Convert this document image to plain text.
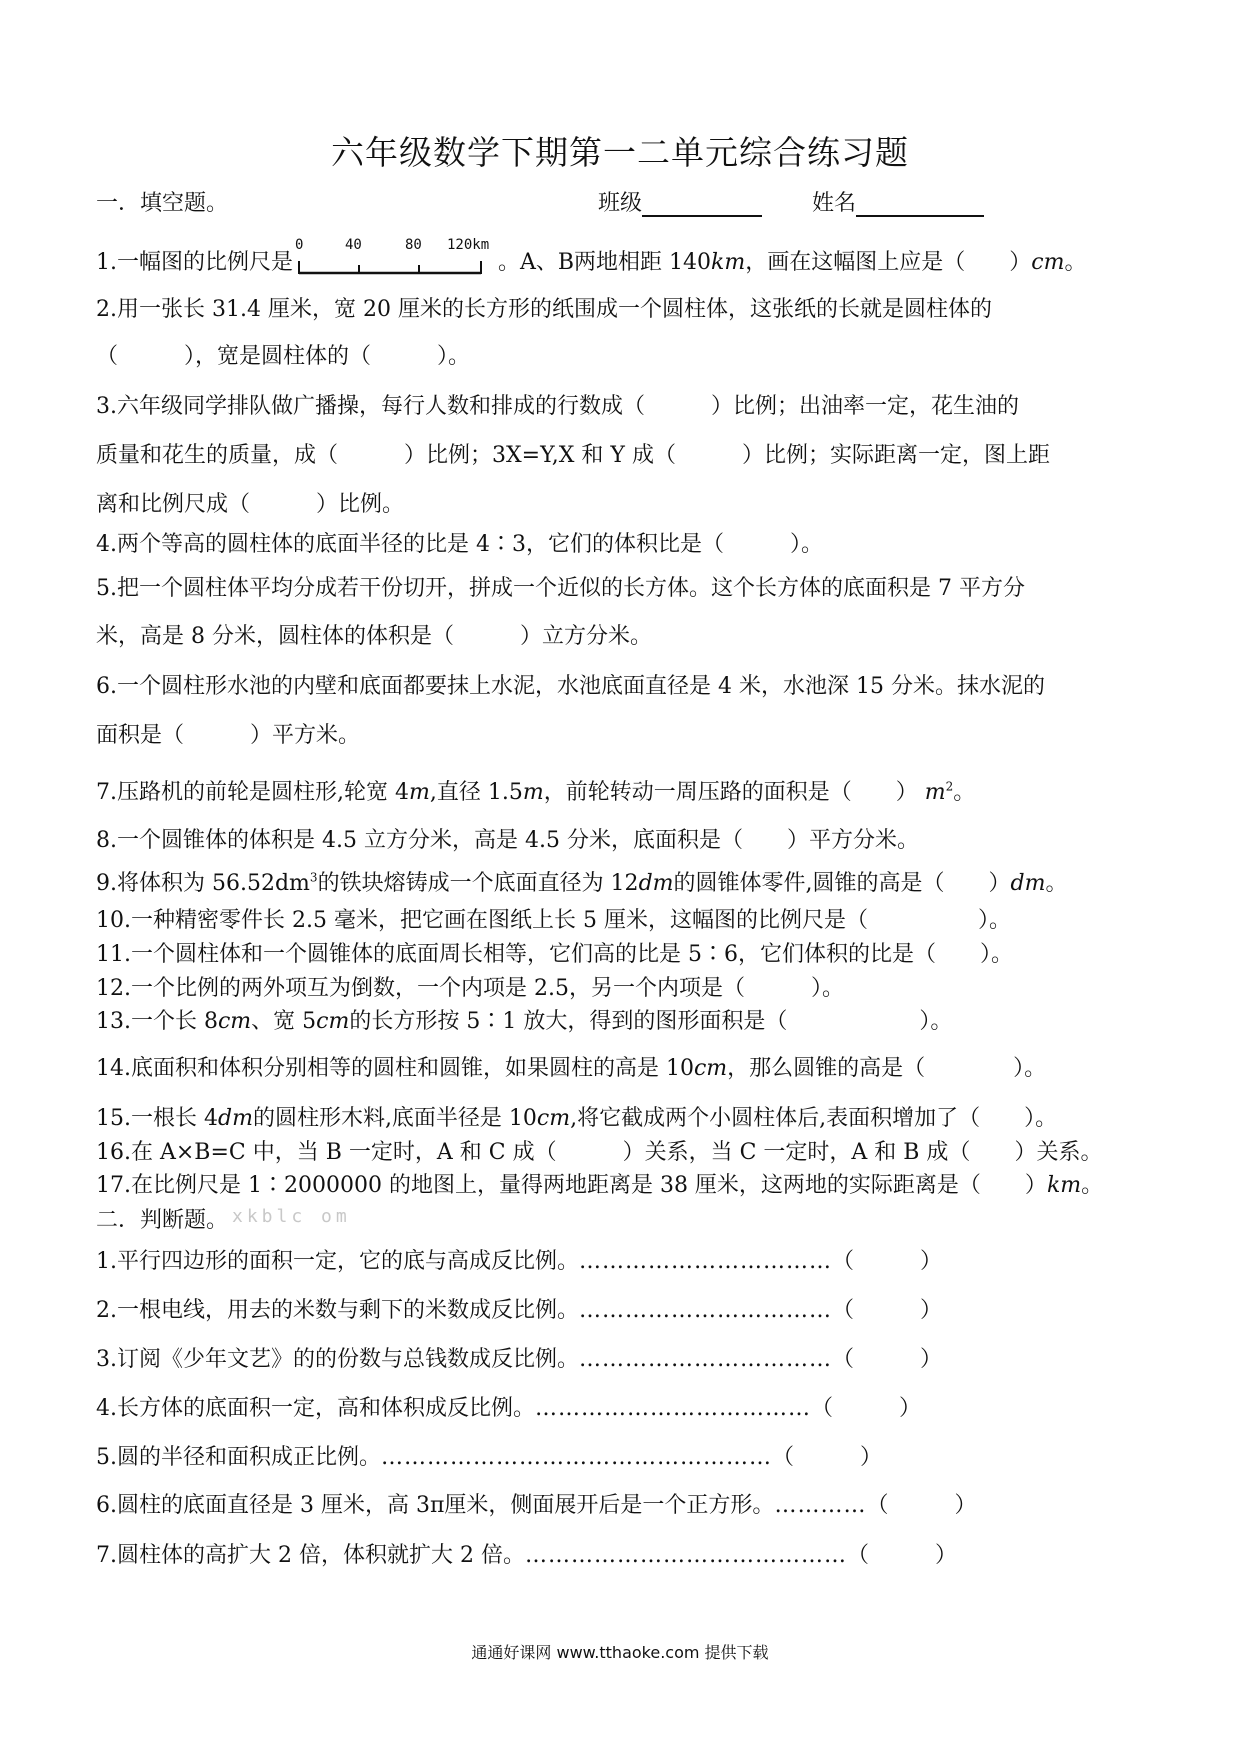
六年级数学下期第一二单元综合练习题
一．填空题。	班级	姓名
1.一幅图的比例尺是
0	40	80 120km
。A、B两地相距 140km，画在这幅图上应是（　　）cm。
2.用一张长 31.4 厘米，宽 20 厘米的长方形的纸围成一个圆柱体，这张纸的长就是圆柱体的
（　　　），宽是圆柱体的（　　　）。
3.六年级同学排队做广播操，每行人数和排成的行数成（　　　）比例；出油率一定，花生油的
质量和花生的质量，成（　　　）比例；3X=Y,X 和 Y 成（　　　）比例；实际距离一定，图上距
离和比例尺成（　　　）比例。
4.两个等高的圆柱体的底面半径的比是 4∶3，它们的体积比是（　　　）。
5.把一个圆柱体平均分成若干份切开，拼成一个近似的长方体。这个长方体的底面积是 7 平方分
米，高是 8 分米，圆柱体的体积是（　　　）立方分米。
6.一个圆柱形水池的内壁和底面都要抹上水泥，水池底面直径是 4 米，水池深 15 分米。抹水泥的
面积是（　　　）平方米。
7.压路机的前轮是圆柱形,轮宽 4m,直径 1.5m，前轮转动一周压路的面积是（　　） $m^2$。
8.一个圆锥体的体积是 4.5 立方分米，高是 4.5 分米，底面积是（　　）平方分米。
9.将体积为 $56.52dm^3$的铁块熔铸成一个底面直径为 12dm的圆锥体零件,圆锥的高是（　　）dm。
10.一种精密零件长 2.5 毫米，把它画在图纸上长 5 厘米，这幅图的比例尺是（　　　　　）。
11.一个圆柱体和一个圆锥体的底面周长相等，它们高的比是 5∶6，它们体积的比是（　　）。
12.一个比例的两外项互为倒数，一个内项是 2.5，另一个内项是（　　　）。
13.一个长 8cm、宽 5cm的长方形按 5∶1 放大，得到的图形面积是（　　　　　　）。
14.底面积和体积分别相等的圆柱和圆锥，如果圆柱的高是 10cm，那么圆锥的高是（　　　　）。
15.一根长 4dm的圆柱形木料,底面半径是 10cm,将它截成两个小圆柱体后,表面积增加了（　　）。
16.在 A×B=C 中，当 B 一定时，A 和 C 成（　　　）关系，当 C 一定时，A 和 B 成（　　）关系。
17.在比例尺是 1∶2000000 的地图上，量得两地距离是 38 厘米，这两地的实际距离是（　　）km。
二．判断题。 xkblc om
1.平行四边形的面积一定，它的底与高成反比例。……………………………（　　　）
2.一根电线，用去的米数与剩下的米数成反比例。……………………………（　　　）
3.订阅《少年文艺》的的份数与总钱数成反比例。……………………………（　　　）
4.长方体的底面积一定，高和体积成反比例。………………………………（　　　）
5.圆的半径和面积成正比例。……………………………………………（　　　）
6.圆柱的底面直径是 3 厘米，高 3π厘米，侧面展开后是一个正方形。…………（　　　）
7.圆柱体的高扩大 2 倍，体积就扩大 2 倍。……………………………………（　　　）
通通好课网 www.tthaoke.com 提供下载
